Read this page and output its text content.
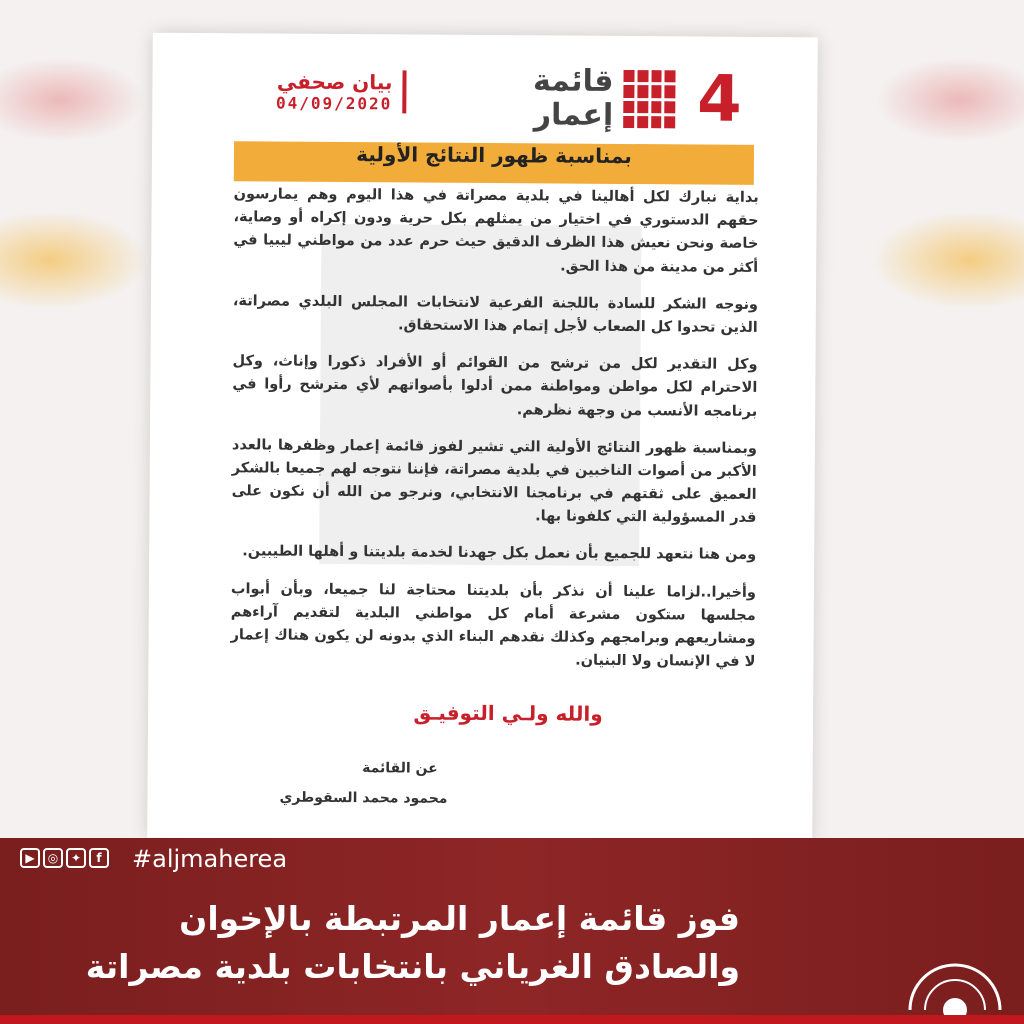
4
قائمة
إعمار
بيان صحفي
04/09/2020
بمناسبة ظهور النتائج الأولية

بداية نبارك لكل أهالينا في بلدية مصراتة في هذا اليوم وهم يمارسون حقهم الدستوري في اختيار من يمثلهم بكل حرية ودون إكراه أو وصاية، خاصة ونحن نعيش هذا الظرف الدقيق حيث حرم عدد من مواطني ليبيا في أكثر من مدينة من هذا الحق.

ونوجه الشكر للسادة باللجنة الفرعية لانتخابات المجلس البلدي مصراتة، الذين تحدوا كل الصعاب لأجل إتمام هذا الاستحقاق.

وكل التقدير لكل من ترشح من القوائم أو الأفراد ذكورا وإناث، وكل الاحترام لكل مواطن ومواطنة ممن أدلوا بأصواتهم لأي مترشح رأوا في برنامجه الأنسب من وجهة نظرهم.

وبمناسبة ظهور النتائج الأولية التي تشير لفوز قائمة إعمار وظفرها بالعدد الأكبر من أصوات الناخبين في بلدية مصراتة، فإننا نتوجه لهم جميعا بالشكر العميق على ثقتهم في برنامجنا الانتخابي، ونرجو من الله أن نكون على قدر المسؤولية التي كلفونا بها.

ومن هنا نتعهد للجميع بأن نعمل بكل جهدنا لخدمة بلديتنا و أهلها الطيبين.

وأخيرا..لزاما علينا أن نذكر بأن بلديتنا محتاجة لنا جميعا، وبأن أبواب مجلسها ستكون مشرعة أمام كل مواطني البلدية لتقديم آراءهم ومشاريعهم وبرامجهم وكذلك نقدهم البناء الذي بدونه لن يكون هناك إعمار لا في الإنسان ولا البنيان.

والله ولـي التوفيـق
عن القائمة
محمود محمد السقوطري
▶	◎	✦	f	#aljmaherea
فوز قائمة إعمار المرتبطة بالإخوان
والصادق الغرياني بانتخابات بلدية مصراتة
